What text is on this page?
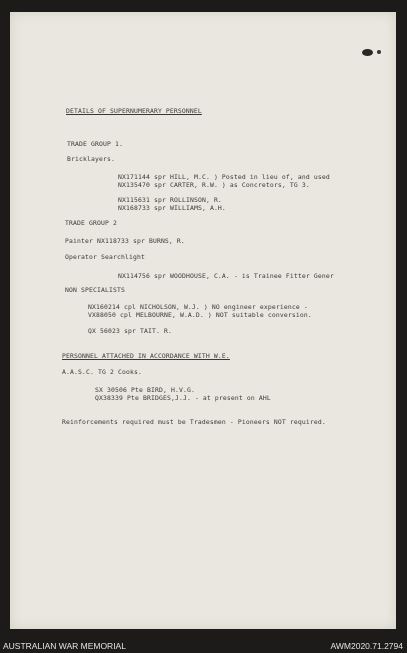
DETAILS OF SUPERNUMERARY PERSONNEL
TRADE GROUP 1.
Bricklayers.
NX171144 spr HILL, M.C. ) Posted in lieu of, and used
NX135470 spr CARTER, R.W. ) as Concretors, TG 3.
NX115631 spr ROLLINSON, R.
NX168733 spr WILLIAMS, A.H.
TRADE GROUP 2
Painter NX118733 spr BURNS, R.
Operator Searchlight
NX114756 spr WOODHOUSE, C.A. - is Trainee Fitter Gener
NON SPECIALISTS
NX160214 cpl NICHOLSON, W.J. ) NO engineer experience -
VX88050 cpl MELBOURNE, W.A.D. ) NOT suitable conversion.
QX 56023 spr TAIT. R.
PERSONNEL ATTACHED IN ACCORDANCE WITH W.E.
A.A.S.C. TG 2 Cooks.
SX 30506 Pte BIRD, H.V.G.
QX38339 Pte BRIDGES,J.J. - at present on AHL
Reinforcements required must be Tradesmen - Pioneers NOT required.
AUSTRALIAN WAR MEMORIAL	AWM2020.71.2794
